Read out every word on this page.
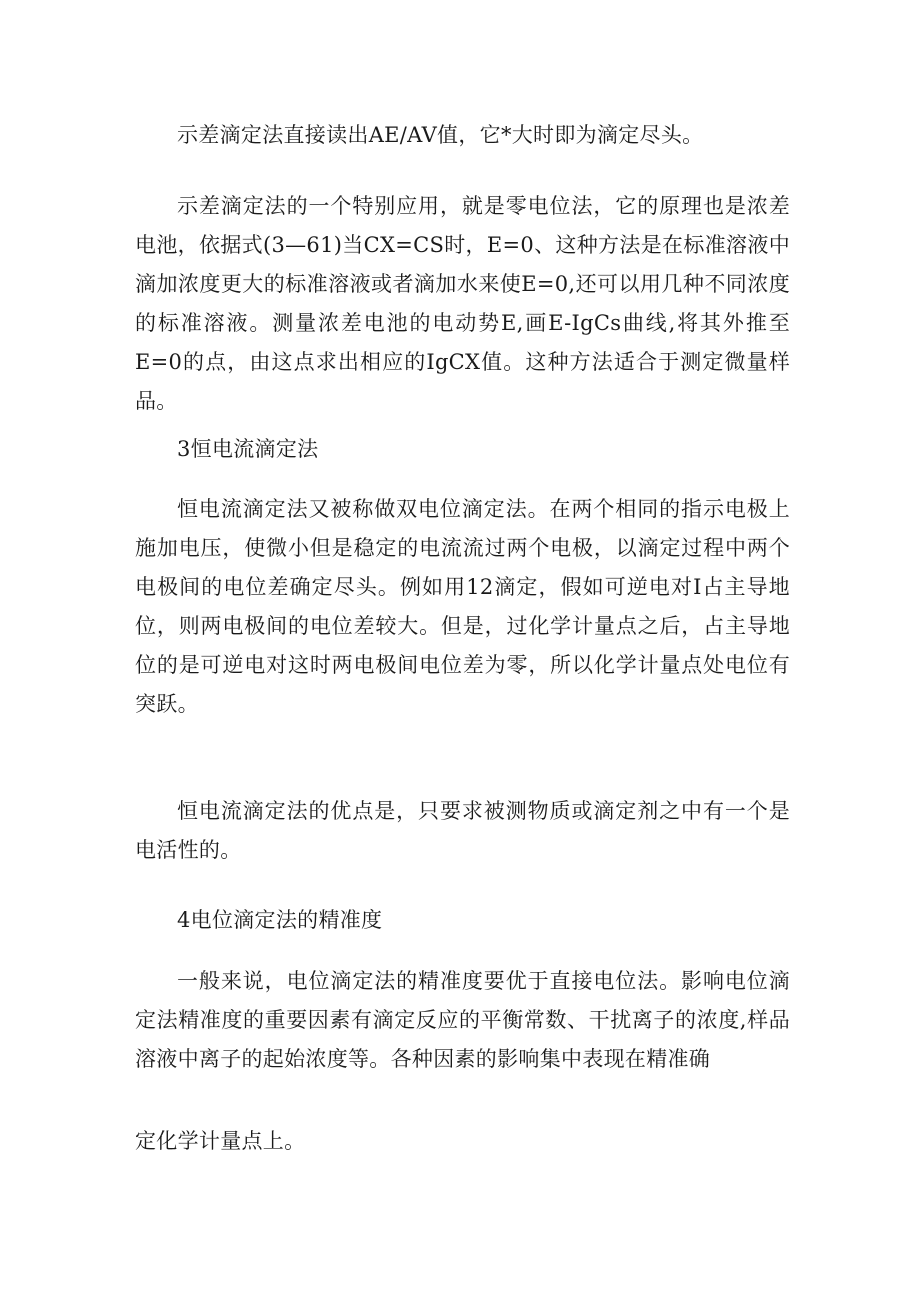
示差滴定法直接读出AE/AV值，它*大时即为滴定尽头。

示差滴定法的一个特别应用，就是零电位法，它的原理也是浓差电池，依据式(3—61)当CX=CS时，E=0、这种方法是在标准溶液中滴加浓度更大的标准溶液或者滴加水来使E=0,还可以用几种不同浓度的标准溶液。测量浓差电池的电动势E,画E-IgCs曲线,将其外推至E=0的点，由这点求出相应的IgCX值。这种方法适合于测定微量样品。

3恒电流滴定法

恒电流滴定法又被称做双电位滴定法。在两个相同的指示电极上施加电压，使微小但是稳定的电流流过两个电极，以滴定过程中两个电极间的电位差确定尽头。例如用12滴定，假如可逆电对I占主导地位，则两电极间的电位差较大。但是，过化学计量点之后，占主导地位的是可逆电对这时两电极间电位差为零，所以化学计量点处电位有突跃。

恒电流滴定法的优点是，只要求被测物质或滴定剂之中有一个是电活性的。

4电位滴定法的精准度

一般来说，电位滴定法的精准度要优于直接电位法。影响电位滴定法精准度的重要因素有滴定反应的平衡常数、干扰离子的浓度,样品溶液中离子的起始浓度等。各种因素的影响集中表现在精准确

定化学计量点上。
